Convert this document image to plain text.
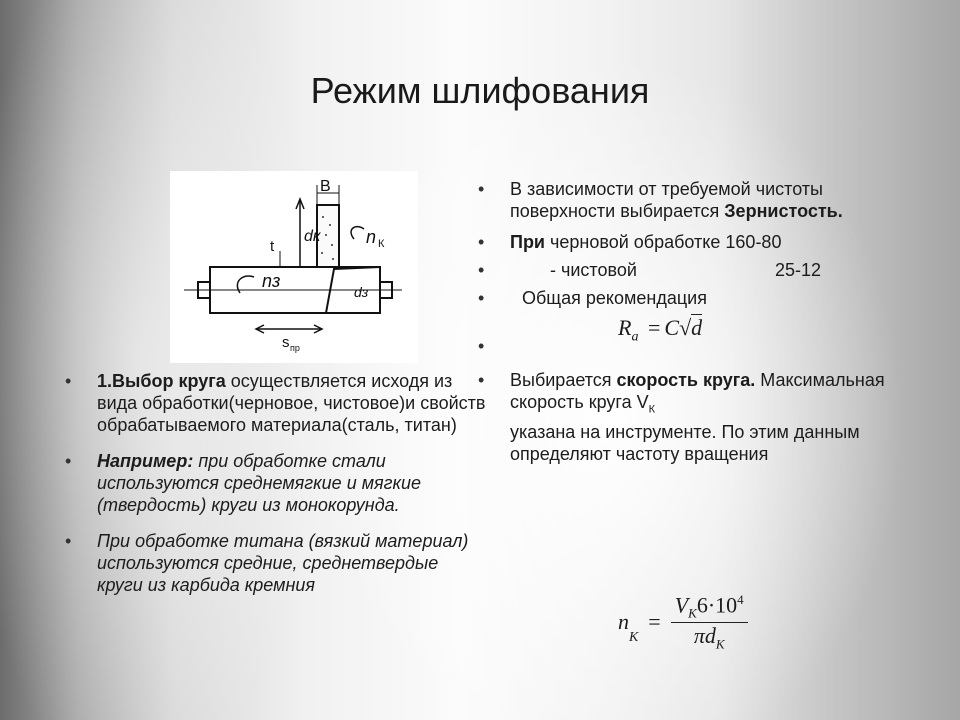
Режим шлифования
B
dк	n К
t
nз
dз
s пр
• 1.Выбор круга осуществляется исходя из вида обработки(черновое, чистовое)и свойств обрабатываемого материала(сталь, титан)
• Например: при обработке стали используются среднемягкие и мягкие (твердость) круги из монокорунда.
• При обработке титана (вязкий материал) используются средние, среднетвердые круги из карбида кремния
• В зависимости от требуемой чистоты поверхности выбирается Зернистость.
• При черновой обработке 160-80
•	- чистовой	25-12
• Общая рекомендация
•
$R_a = C√d$
• Выбирается скорость круга. Максимальная скорость круга $V_К$
указана на инструменте. По этим данным определяют частоту вращения
n
$_К$
=
$V_К6\cdot 10^4$
$\pi d_К$
